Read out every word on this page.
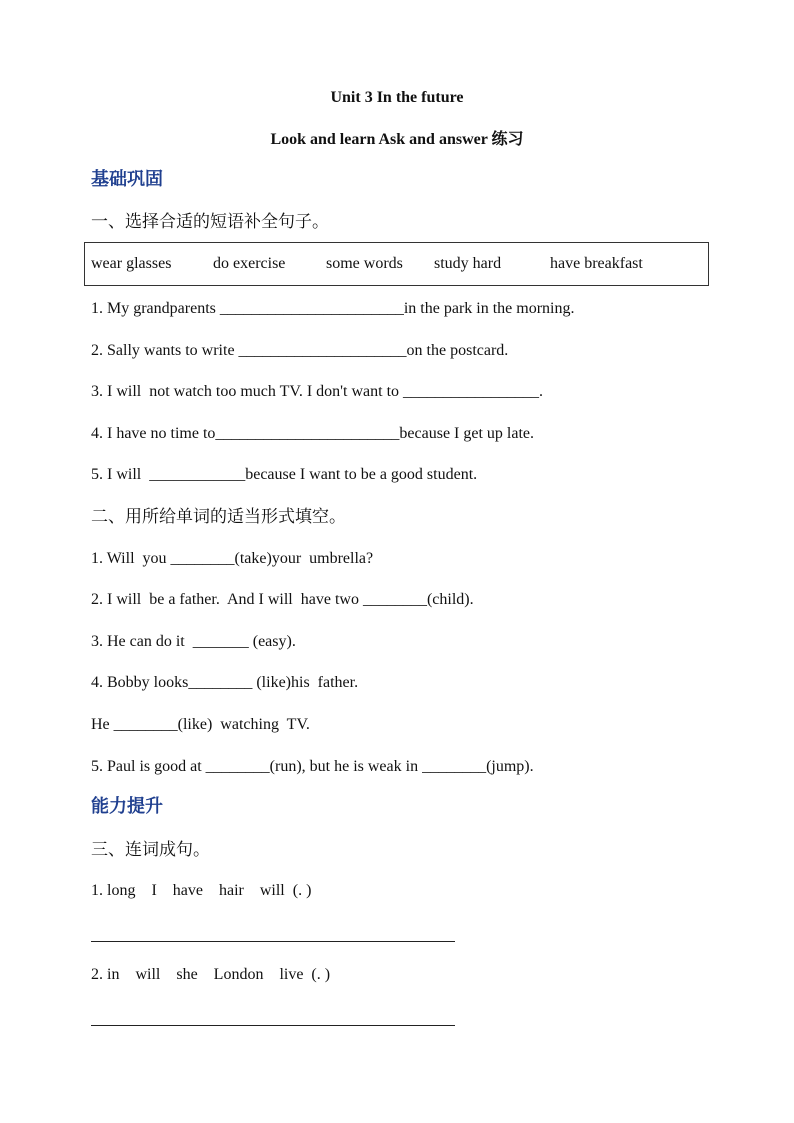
Unit 3 In the future
Look and learn Ask and answer 练习
基础巩固
一、选择合适的短语补全句子。
wear glasses	do exercise	some words study hard	have breakfast
1. My grandparents _______________________in the park in the morning.
2. Sally wants to write _____________________on the postcard.
3. I will  not watch too much TV. I don't want to _________________.
4. I have no time to_______________________because I get up late.
5. I will  ____________because I want to be a good student.
二、用所给单词的适当形式填空。
1. Will  you ________(take)your  umbrella?
2. I will  be a father.  And I will  have two ________(child).
3. He can do it  _______ (easy).
4. Bobby looks________ (like)his  father.
He ________(like)  watching  TV.
5. Paul is good at ________(run), but he is weak in ________(jump).
能力提升
三、连词成句。
1. long    I    have    hair    will  (. )
2. in    will    she    London    live  (. )
